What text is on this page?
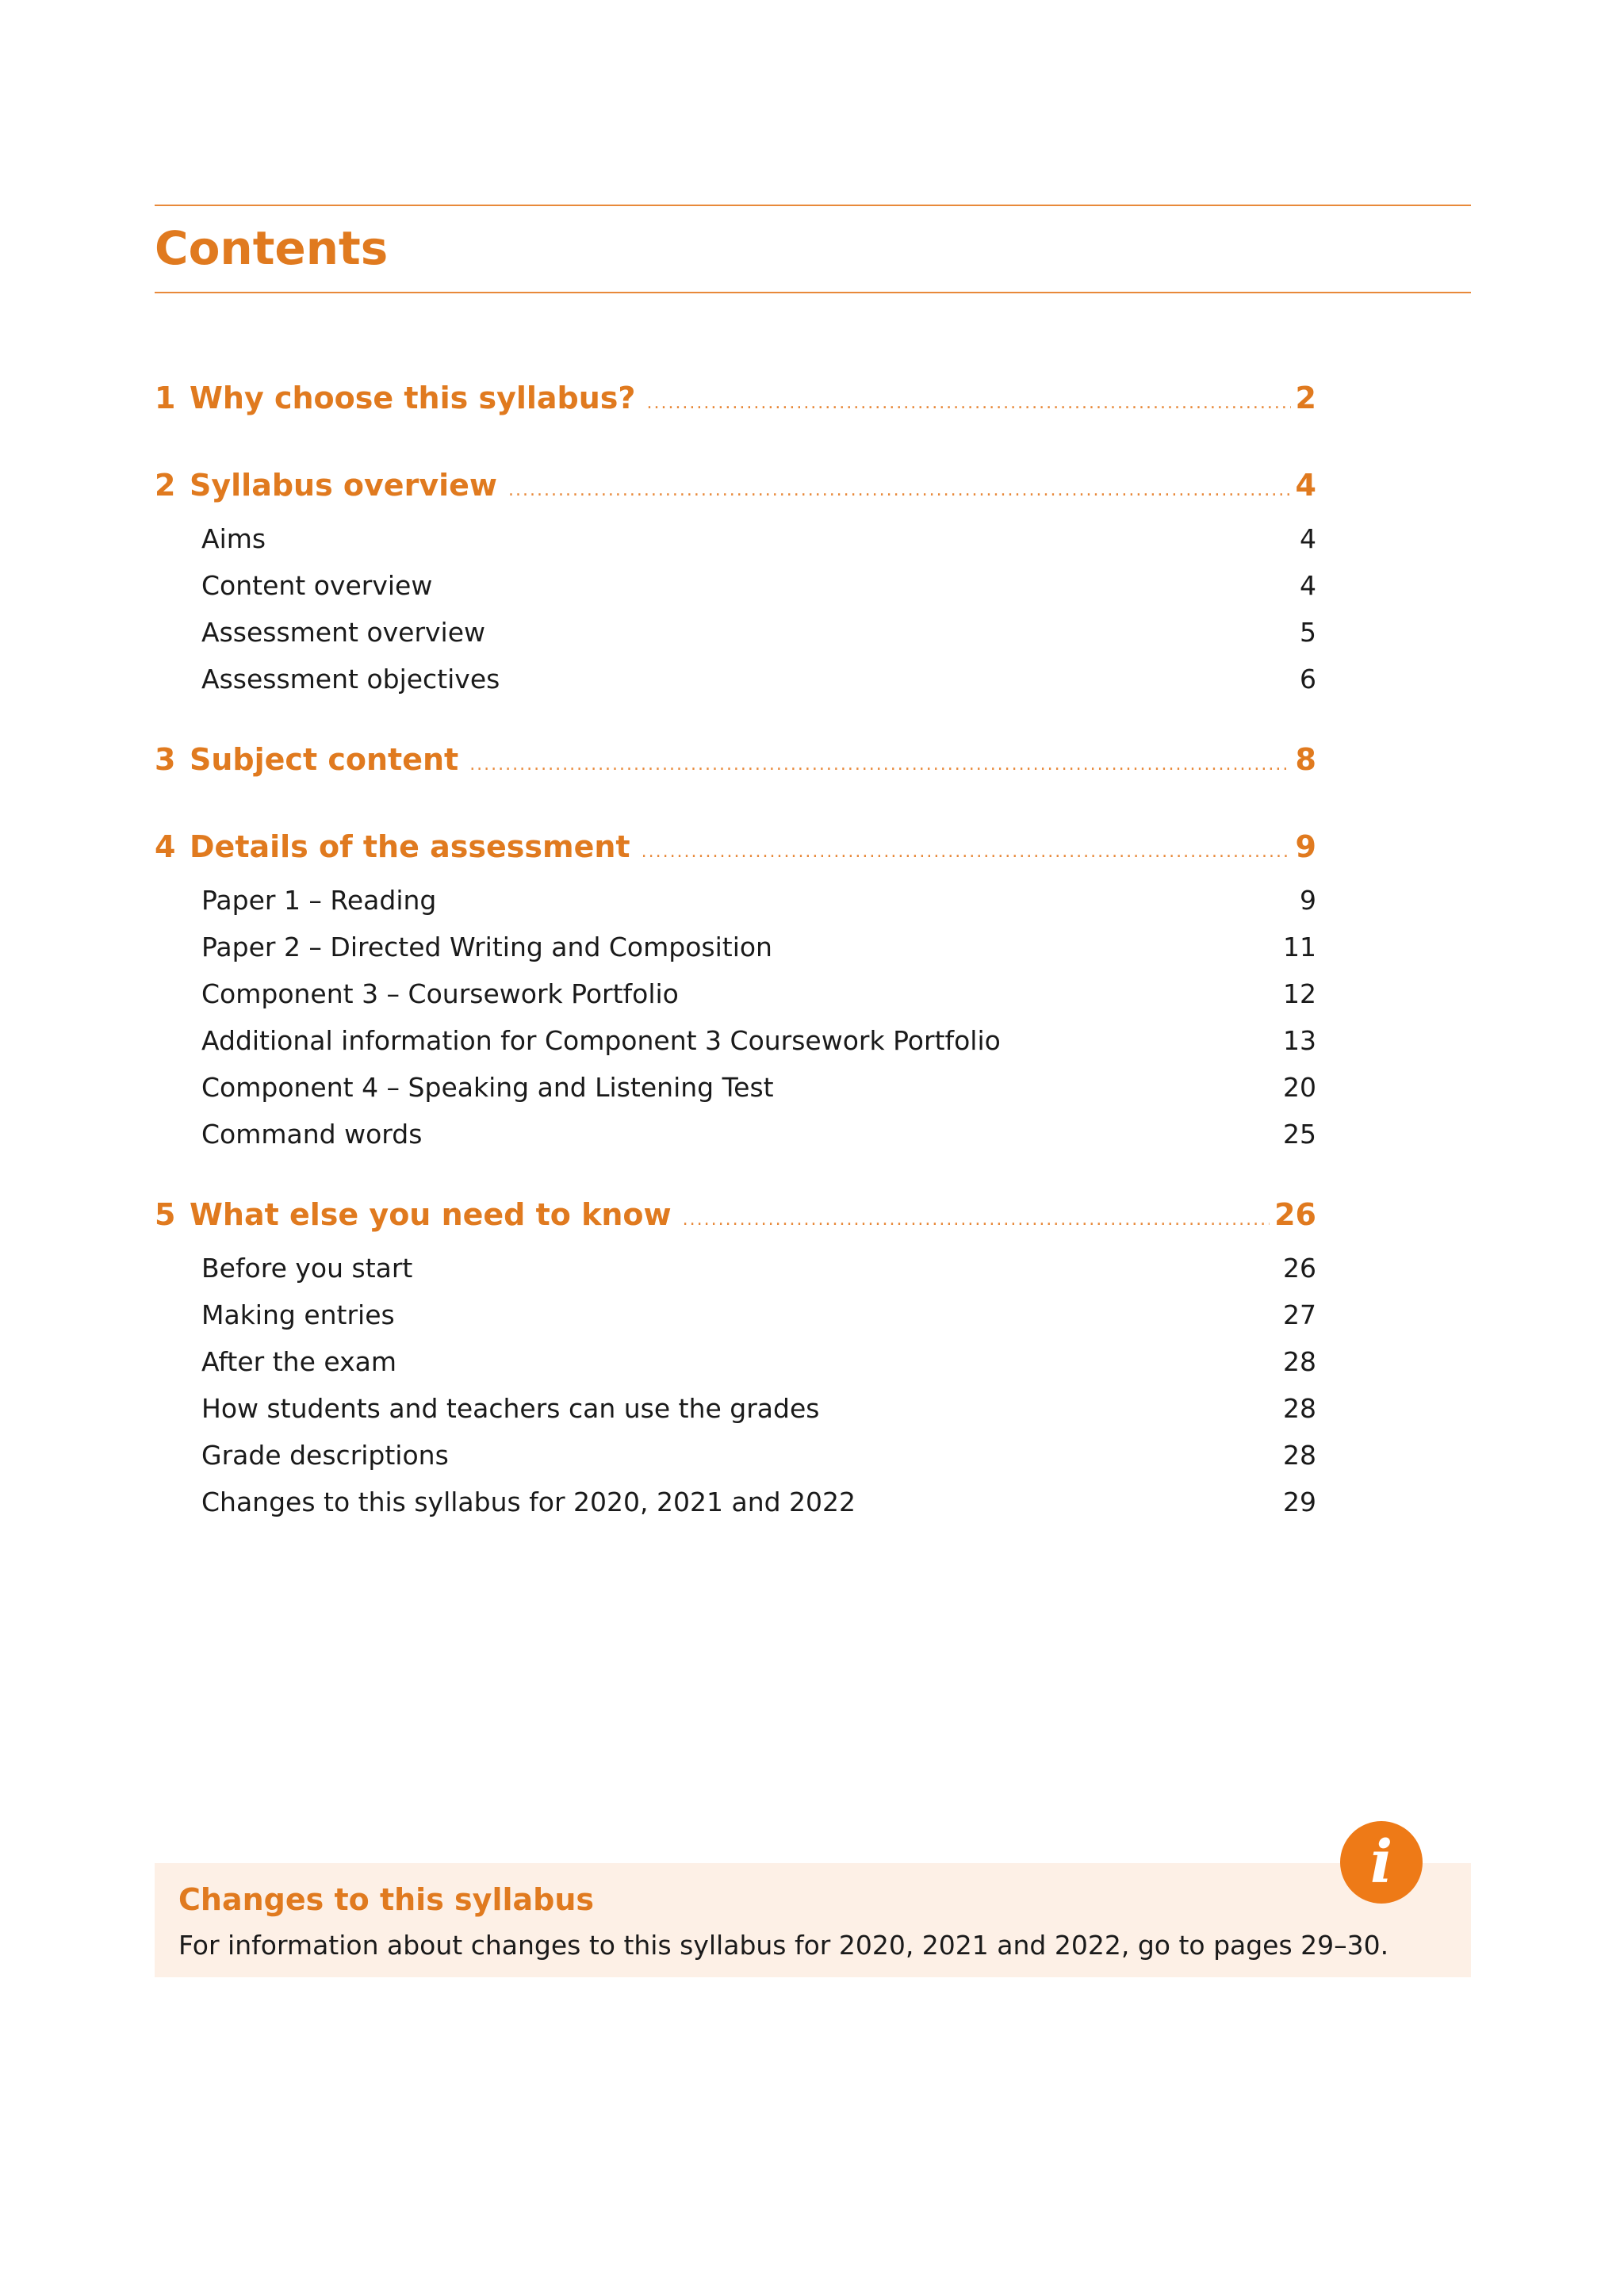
Contents
1 Why choose this syllabus? .....	2
2 Syllabus overview .....	4
Aims	4
Content overview	4
Assessment overview	5
Assessment objectives	6
3 Subject content .....	8
4 Details of the assessment .....	9
Paper 1 – Reading	9
Paper 2 – Directed Writing and Composition	11
Component 3 – Coursework Portfolio	12
Additional information for Component 3 Coursework Portfolio	13
Component 4 – Speaking and Listening Test	20
Command words	25
5 What else you need to know .....	26
Before you start	26
Making entries	27
After the exam	28
How students and teachers can use the grades	28
Grade descriptions	28
Changes to this syllabus for 2020, 2021 and 2022	29
Changes to this syllabus
For information about changes to this syllabus for 2020, 2021 and 2022, go to pages 29–30.
i
